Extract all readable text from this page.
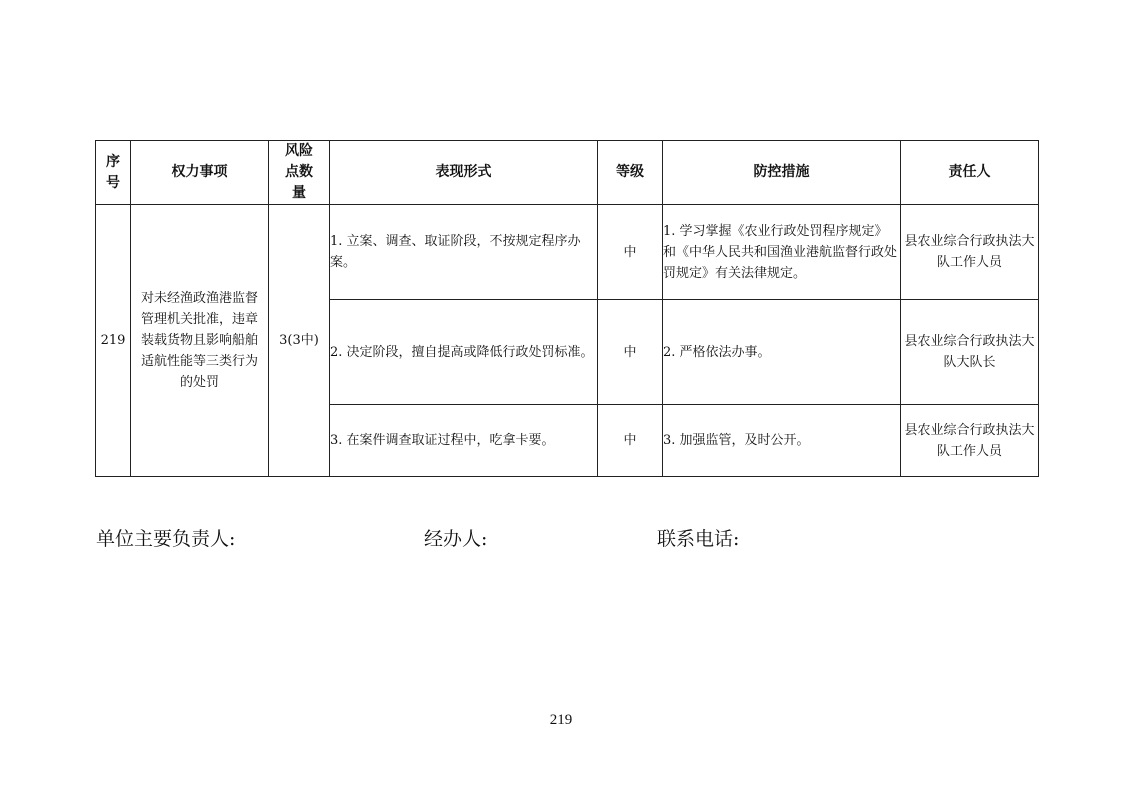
序号	权力事项	风险点数量	表现形式	等级	防控措施	责任人
219	对未经渔政渔港监督管理机关批准，违章装载货物且影响船舶适航性能等三类行为的处罚	3(3中)	1. 立案、调查、取证阶段，不按规定程序办案。	中	1. 学习掌握《农业行政处罚程序规定》和《中华人民共和国渔业港航监督行政处罚规定》有关法律规定。	县农业综合行政执法大队工作人员
			2. 决定阶段，擅自提高或降低行政处罚标准。	中	2. 严格依法办事。	县农业综合行政执法大队大队长
			3. 在案件调查取证过程中，吃拿卡要。	中	3. 加强监管，及时公开。	县农业综合行政执法大队工作人员
单位主要负责人:	经办人:	联系电话:
219
